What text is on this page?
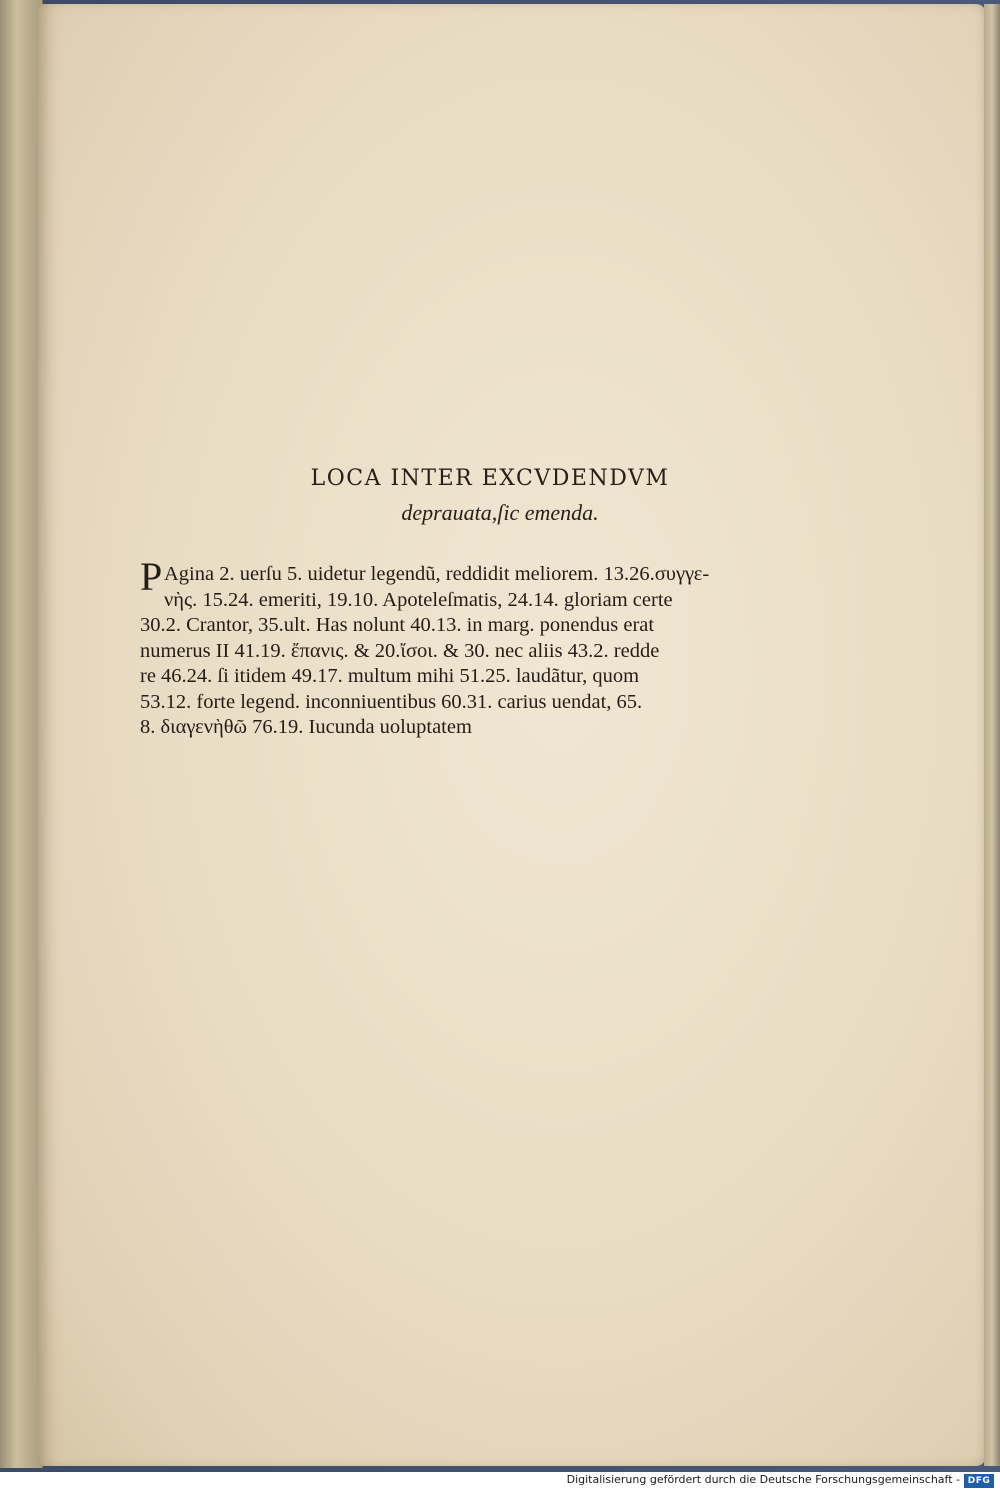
LOCA INTER EXCVDENDVM
deprauata,ſic emenda.
PAgina 2. uerſu 5. uidetur legendũ, reddidit meliorem. 13.26.συγγε-
νὴς. 15.24. emeriti, 19.10. Apoteleſmatis, 24.14. gloriam certe
30.2. Crantor, 35.ult. Has nolunt 40.13. in marg. ponendus erat
numerus II 41.19. ἔπανις. & 20.ἴσοι. & 30. nec aliis 43.2. redde
re 46.24. ſi itidem 49.17. multum mihi 51.25. laudãtur, quom
53.12. forte legend. inconniuentibus 60.31. carius uendat, 65.
8. διαγενὴθῶ 76.19. Iucunda uoluptatem
Digitalisierung gefördert durch die Deutsche Forschungsgemeinschaft - DFG
